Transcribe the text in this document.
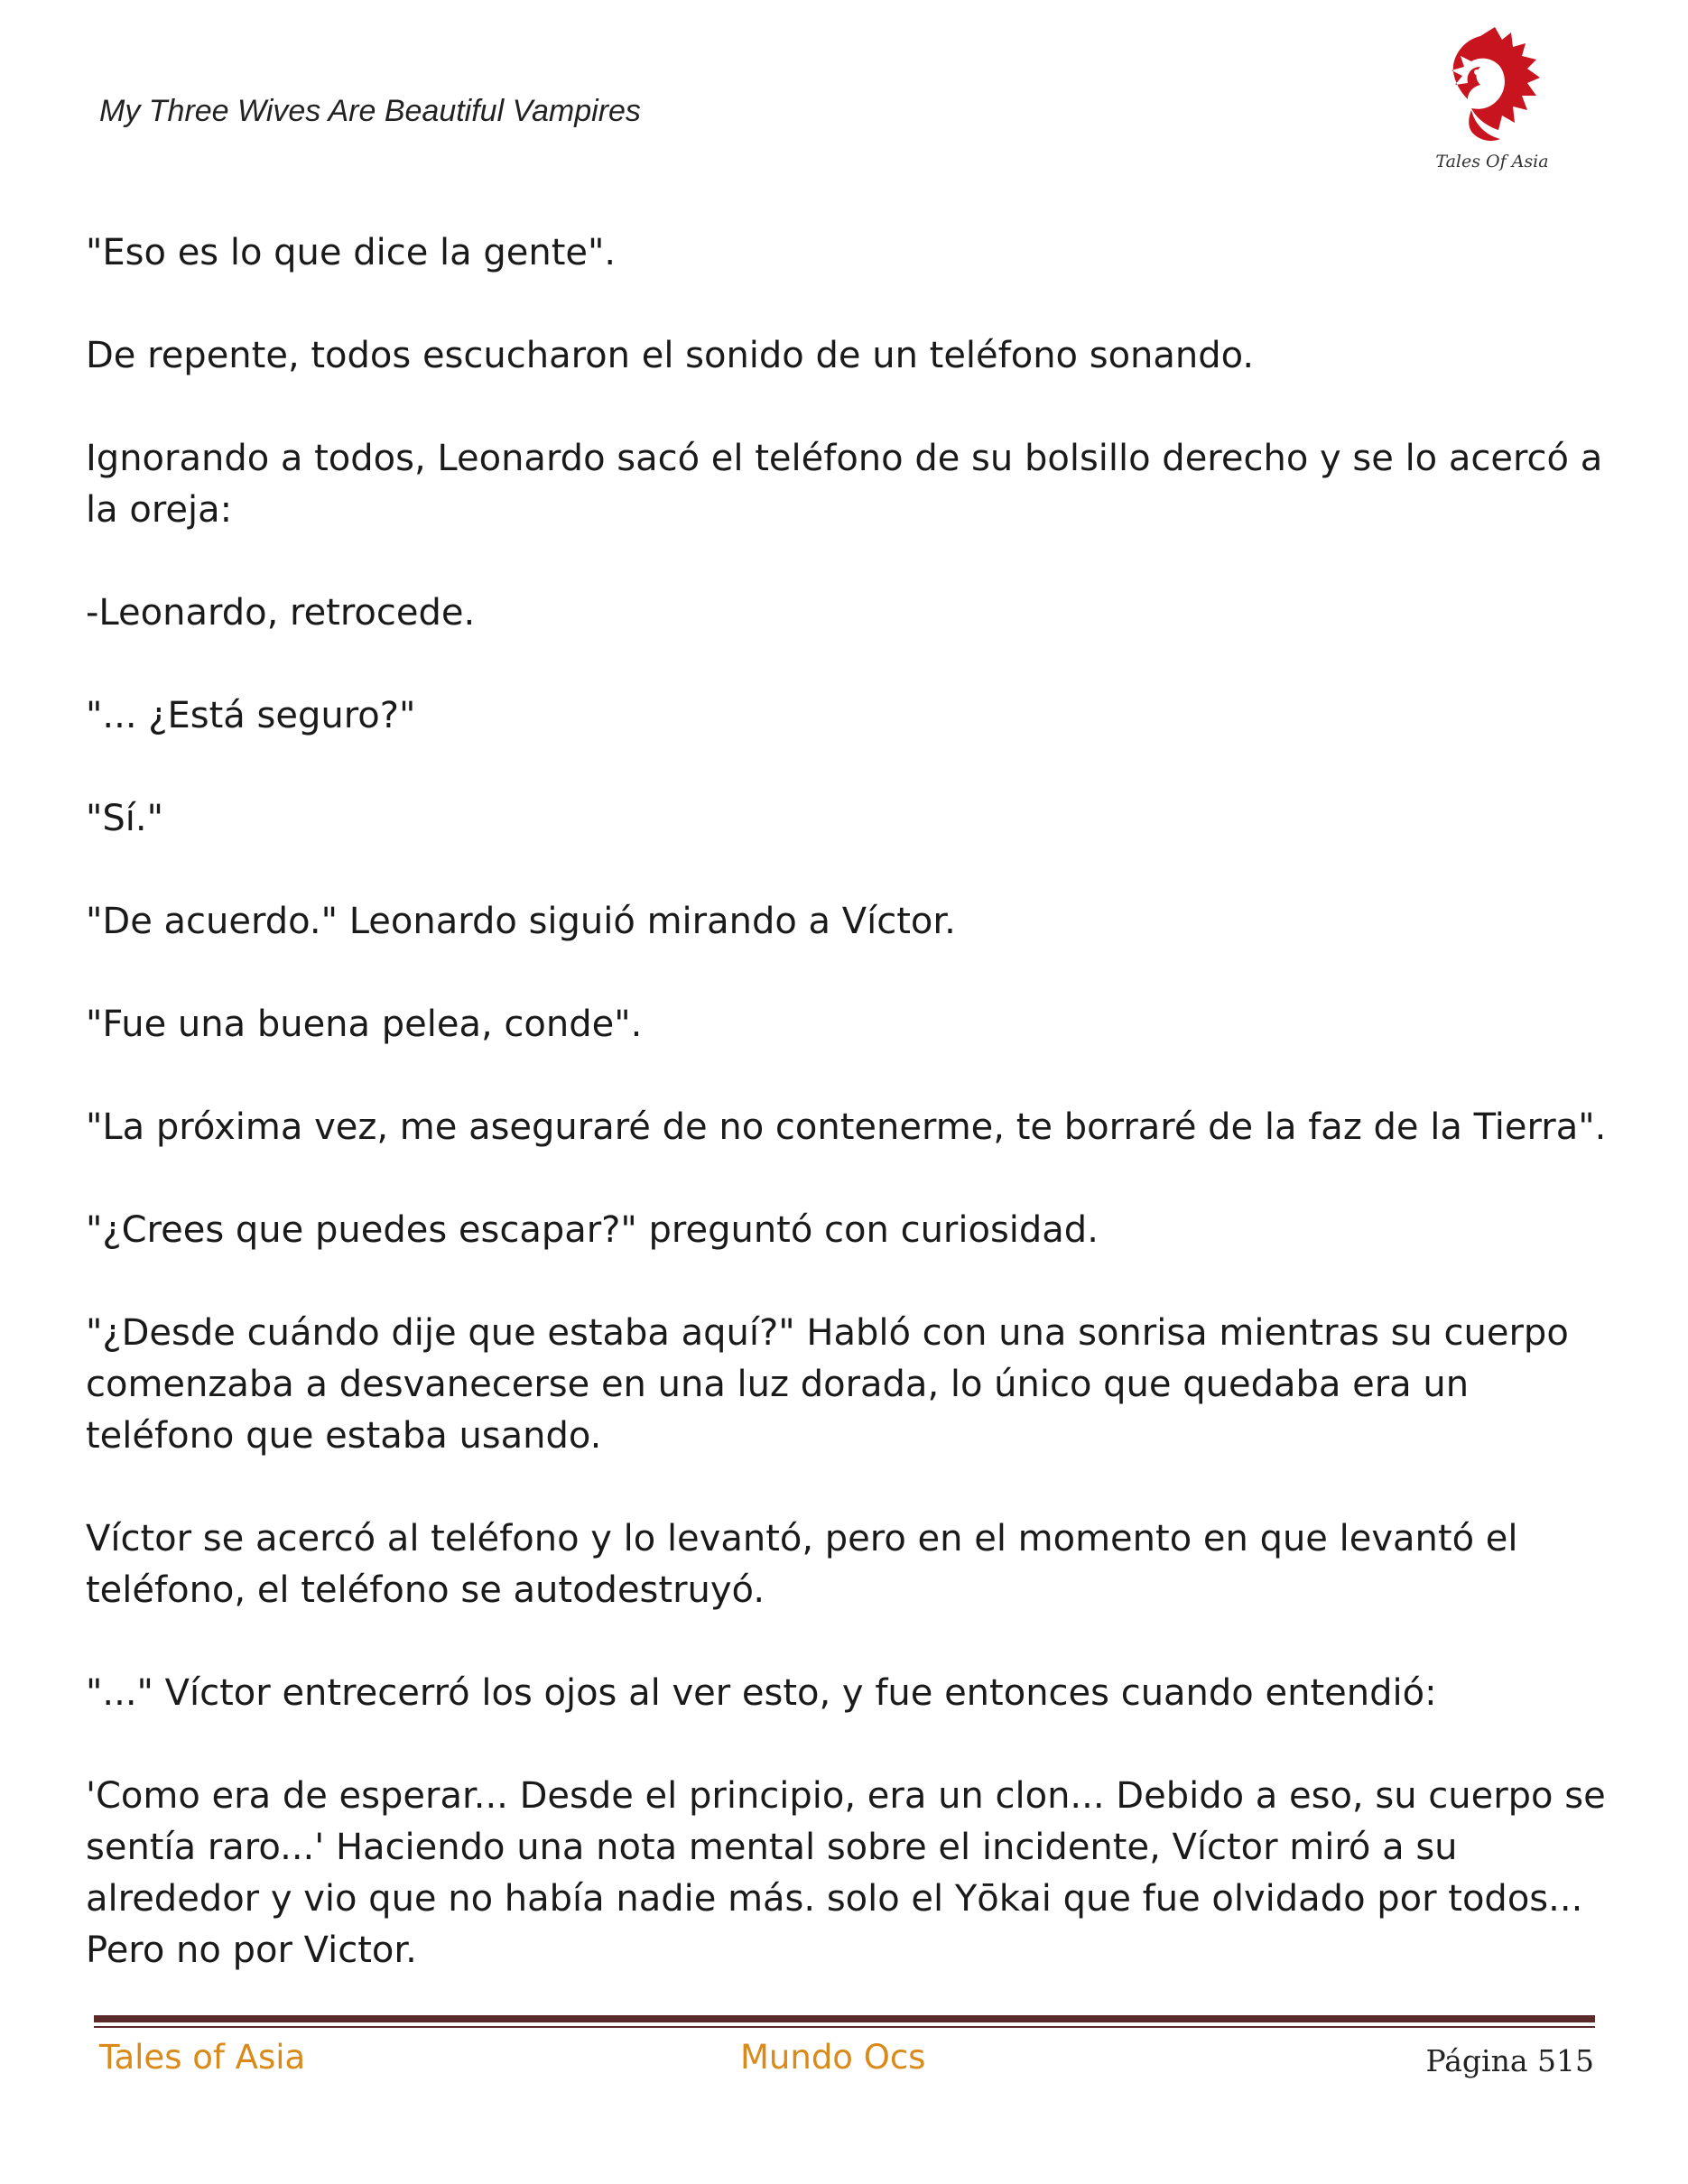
My Three Wives Are Beautiful Vampires
Tales Of Asia

"Eso es lo que dice la gente".

De repente, todos escucharon el sonido de un teléfono sonando.

Ignorando a todos, Leonardo sacó el teléfono de su bolsillo derecho y se lo acercó a la oreja:

-Leonardo, retrocede.

"... ¿Está seguro?"

"Sí."

"De acuerdo." Leonardo siguió mirando a Víctor.

"Fue una buena pelea, conde".

"La próxima vez, me aseguraré de no contenerme, te borraré de la faz de la Tierra".

"¿Crees que puedes escapar?" preguntó con curiosidad.

"¿Desde cuándo dije que estaba aquí?" Habló con una sonrisa mientras su cuerpo comenzaba a desvanecerse en una luz dorada, lo único que quedaba era un teléfono que estaba usando.

Víctor se acercó al teléfono y lo levantó, pero en el momento en que levantó el teléfono, el teléfono se autodestruyó.

"..." Víctor entrecerró los ojos al ver esto, y fue entonces cuando entendió:

'Como era de esperar... Desde el principio, era un clon... Debido a eso, su cuerpo se sentía raro...' Haciendo una nota mental sobre el incidente, Víctor miró a su alrededor y vio que no había nadie más. solo el Yōkai que fue olvidado por todos... Pero no por Victor.

Tales of Asia	Mundo Ocs	Página 515
